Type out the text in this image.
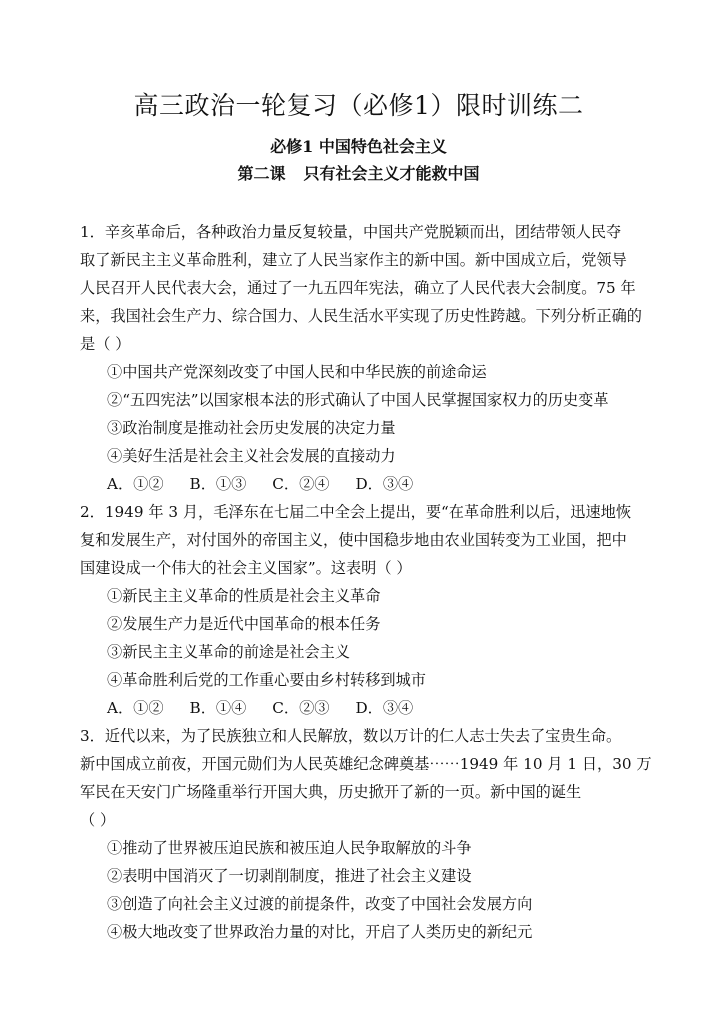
高三政治一轮复习（必修1）限时训练二
必修1 中国特色社会主义
第二课 只有社会主义才能救中国
1．辛亥革命后，各种政治力量反复较量，中国共产党脱颖而出，团结带领人民夺
取了新民主主义革命胜利，建立了人民当家作主的新中国。新中国成立后，党领导
人民召开人民代表大会，通过了一九五四年宪法，确立了人民代表大会制度。75 年
来，我国社会生产力、综合国力、人民生活水平实现了历史性跨越。下列分析正确的
是（ ）
①中国共产党深刻改变了中国人民和中华民族的前途命运
②“五四宪法”以国家根本法的形式确认了中国人民掌握国家权力的历史变革
③政治制度是推动社会历史发展的决定力量
④美好生活是社会主义社会发展的直接动力
A．①② B．①③ C．②④ D．③④
2．1949 年 3 月，毛泽东在七届二中全会上提出，要“在革命胜利以后，迅速地恢
复和发展生产，对付国外的帝国主义，使中国稳步地由农业国转变为工业国，把中
国建设成一个伟大的社会主义国家”。这表明（ ）
①新民主主义革命的性质是社会主义革命
②发展生产力是近代中国革命的根本任务
③新民主主义革命的前途是社会主义
④革命胜利后党的工作重心要由乡村转移到城市
A．①② B．①④ C．②③ D．③④
3．近代以来，为了民族独立和人民解放，数以万计的仁人志士失去了宝贵生命。
新中国成立前夜，开国元勋们为人民英雄纪念碑奠基⋯⋯1949 年 10 月 1 日，30 万
军民在天安门广场隆重举行开国大典，历史掀开了新的一页。新中国的诞生
（ ）
①推动了世界被压迫民族和被压迫人民争取解放的斗争
②表明中国消灭了一切剥削制度，推进了社会主义建设
③创造了向社会主义过渡的前提条件，改变了中国社会发展方向
④极大地改变了世界政治力量的对比，开启了人类历史的新纪元
